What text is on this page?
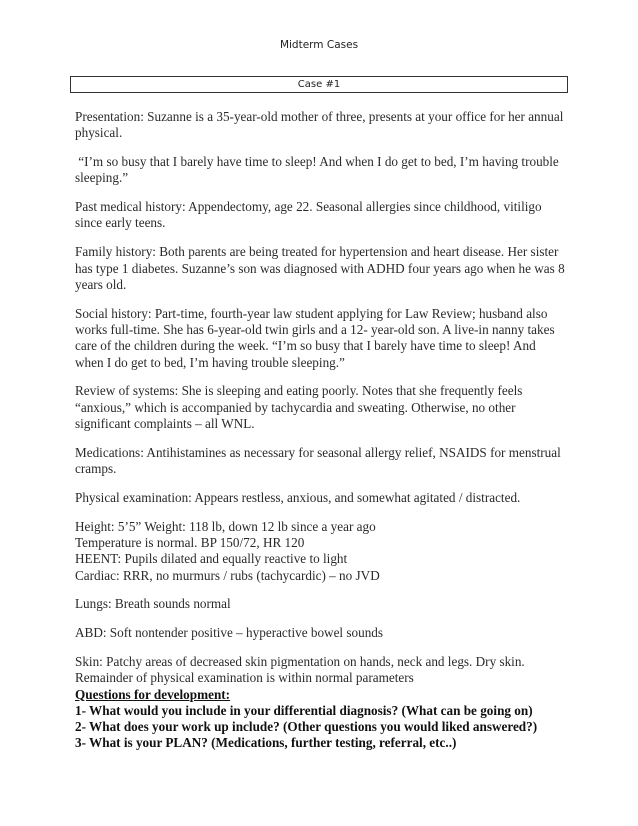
Midterm Cases
Case #1

Presentation: Suzanne is a 35-year-old mother of three, presents at your office for her annual physical.

“I’m so busy that I barely have time to sleep! And when I do get to bed, I’m having trouble sleeping.”

Past medical history: Appendectomy, age 22. Seasonal allergies since childhood, vitiligo since early teens.

Family history: Both parents are being treated for hypertension and heart disease. Her sister has type 1 diabetes. Suzanne’s son was diagnosed with ADHD four years ago when he was 8 years old.

Social history: Part-time, fourth-year law student applying for Law Review; husband also works full-time. She has 6-year-old twin girls and a 12- year-old son. A live-in nanny takes care of the children during the week. “I’m so busy that I barely have time to sleep! And when I do get to bed, I’m having trouble sleeping.”

Review of systems: She is sleeping and eating poorly. Notes that she frequently feels “anxious,” which is accompanied by tachycardia and sweating. Otherwise, no other significant complaints – all WNL.

Medications: Antihistamines as necessary for seasonal allergy relief, NSAIDS for menstrual cramps.

Physical examination: Appears restless, anxious, and somewhat agitated / distracted.

Height: 5’5” Weight: 118 lb, down 12 lb since a year ago
Temperature is normal. BP 150/72, HR 120
HEENT: Pupils dilated and equally reactive to light
Cardiac: RRR, no murmurs / rubs (tachycardic) – no JVD

Lungs: Breath sounds normal

ABD: Soft nontender positive – hyperactive bowel sounds

Skin: Patchy areas of decreased skin pigmentation on hands, neck and legs. Dry skin.
Remainder of physical examination is within normal parameters
Questions for development:
1- What would you include in your differential diagnosis? (What can be going on)
2- What does your work up include? (Other questions you would liked answered?)
3- What is your PLAN? (Medications, further testing, referral, etc..)
